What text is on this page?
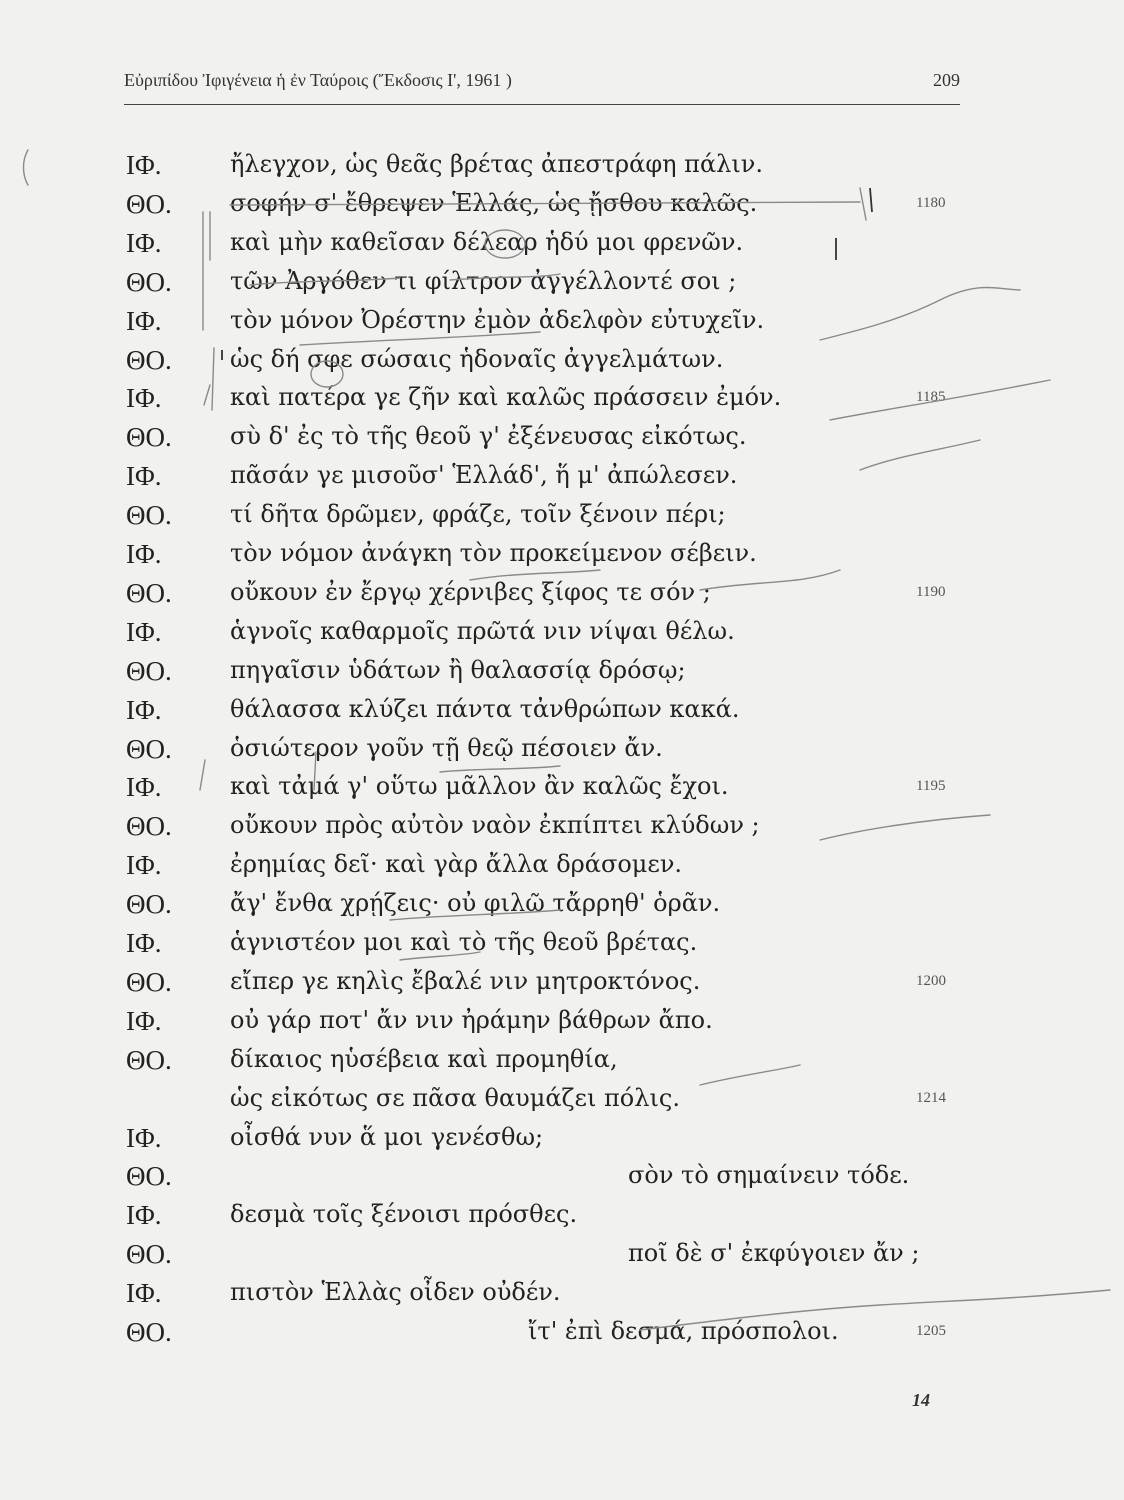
Εὐριπίδου Ἰφιγένεια ἡ ἐν Ταύροις (Ἔκδοσις Ι', 1961 )	209
ΙΦ.	ἤλεγχον, ὡς θεᾶς βρέτας ἀπεστράφη πάλιν.
ΘΟ. σοφήν σ' ἔθρεψεν Ἑλλάς, ὡς ᾔσθου καλῶς.	1180
ΙΦ.	καὶ μὴν καθεῖσαν δέλεαρ ἡδύ μοι φρενῶν.
ΘΟ. τῶν Ἀργόθεν τι φίλτρον ἀγγέλλοντέ σοι ;
ΙΦ.	τὸν μόνον Ὀρέστην ἐμὸν ἀδελφὸν εὐτυχεῖν.
ΘΟ. ὡς δή σφε σώσαις ἡδοναῖς ἀγγελμάτων.
ΙΦ.	καὶ πατέρα γε ζῆν καὶ καλῶς πράσσειν ἐμόν.	1185
ΘΟ. σὺ δ' ἐς τὸ τῆς θεοῦ γ' ἐξένευσας εἰκότως.
ΙΦ.	πᾶσάν γε μισοῦσ' Ἑλλάδ', ἥ μ' ἀπώλεσεν.
ΘΟ. τί δῆτα δρῶμεν, φράζε, τοῖν ξένοιν πέρι;
ΙΦ.	τὸν νόμον ἀνάγκη τὸν προκείμενον σέβειν.
ΘΟ. οὔκουν ἐν ἔργῳ χέρνιβες ξίφος τε σόν ;	1190
ΙΦ.	ἁγνοῖς καθαρμοῖς πρῶτά νιν νίψαι θέλω.
ΘΟ. πηγαῖσιν ὑδάτων ἢ θαλασσίᾳ δρόσῳ;
ΙΦ.	θάλασσα κλύζει πάντα τἀνθρώπων κακά.
ΘΟ. ὁσιώτερον γοῦν τῇ θεῷ πέσοιεν ἄν.
ΙΦ.	καὶ τἀμά γ' οὕτω μᾶλλον ἂν καλῶς ἔχοι.	1195
ΘΟ. οὔκουν πρὸς αὐτὸν ναὸν ἐκπίπτει κλύδων ;
ΙΦ.	ἐρημίας δεῖ· καὶ γὰρ ἄλλα δράσομεν.
ΘΟ. ἄγ' ἔνθα χρῄζεις· οὐ φιλῶ τἄρρηθ' ὁρᾶν.
ΙΦ.	ἁγνιστέον μοι καὶ τὸ τῆς θεοῦ βρέτας.
ΘΟ. εἴπερ γε κηλὶς ἔβαλέ νιν μητροκτόνος.	1200
ΙΦ.	οὐ γάρ ποτ' ἄν νιν ἠράμην βάθρων ἄπο.
ΘΟ. δίκαιος ηὑσέβεια καὶ προμηθία,
ὡς εἰκότως σε πᾶσα θαυμάζει πόλις.	1214
ΙΦ.	οἶσθά νυν ἅ μοι γενέσθω;
ΘΟ.	σὸν τὸ σημαίνειν τόδε.
ΙΦ.	δεσμὰ τοῖς ξένοισι πρόσθες.
ΘΟ.	ποῖ δὲ σ' ἐκφύγοιεν ἄν ;
ΙΦ.	πιστὸν Ἑλλὰς οἶδεν οὐδέν.
ΘΟ.	ἴτ' ἐπὶ δεσμά, πρόσπολοι.	1205
14
